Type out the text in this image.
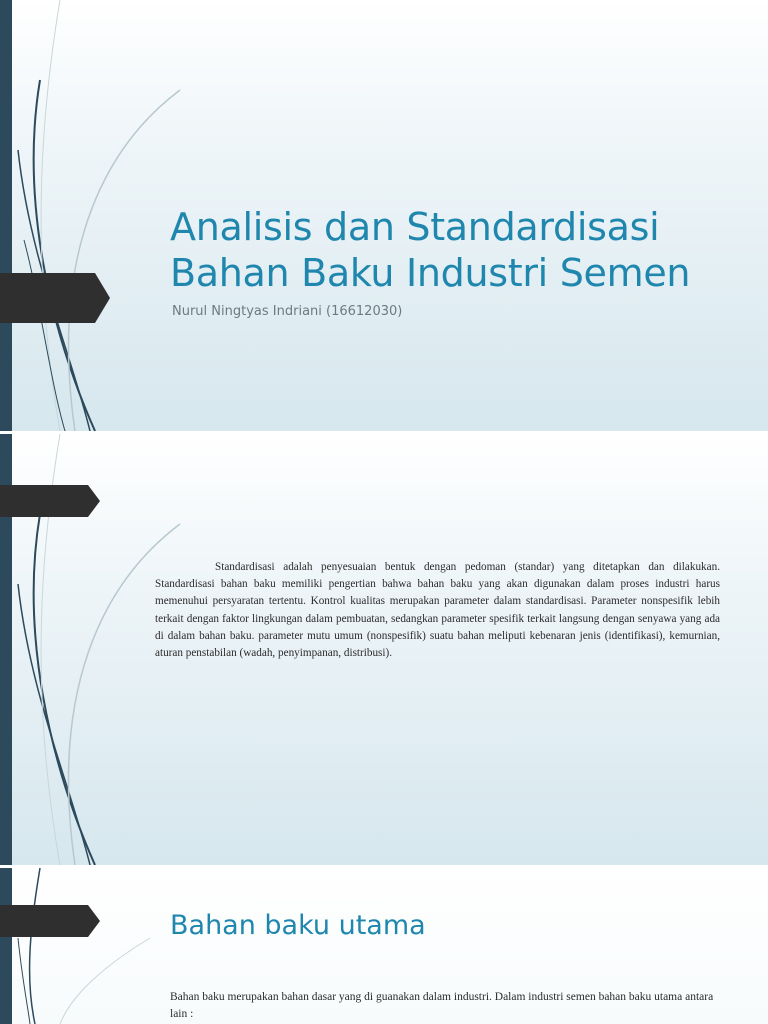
Analisis dan Standardisasi Bahan Baku Industri Semen
Nurul Ningtyas Indriani (16612030)

Standardisasi adalah penyesuaian bentuk dengan pedoman (standar) yang ditetapkan dan dilakukan. Standardisasi bahan baku memiliki pengertian bahwa bahan baku yang akan digunakan dalam proses industri harus memenuhui persyaratan tertentu. Kontrol kualitas merupakan parameter dalam standardisasi. Parameter nonspesifik lebih terkait dengan faktor lingkungan dalam pembuatan, sedangkan parameter spesifik terkait langsung dengan senyawa yang ada di dalam bahan baku. parameter mutu umum (nonspesifik) suatu bahan meliputi kebenaran jenis (identifikasi), kemurnian, aturan penstabilan (wadah, penyimpanan, distribusi).

Bahan baku utama

Bahan baku merupakan bahan dasar yang di guanakan dalam industri. Dalam industri semen bahan baku utama antara lain :
